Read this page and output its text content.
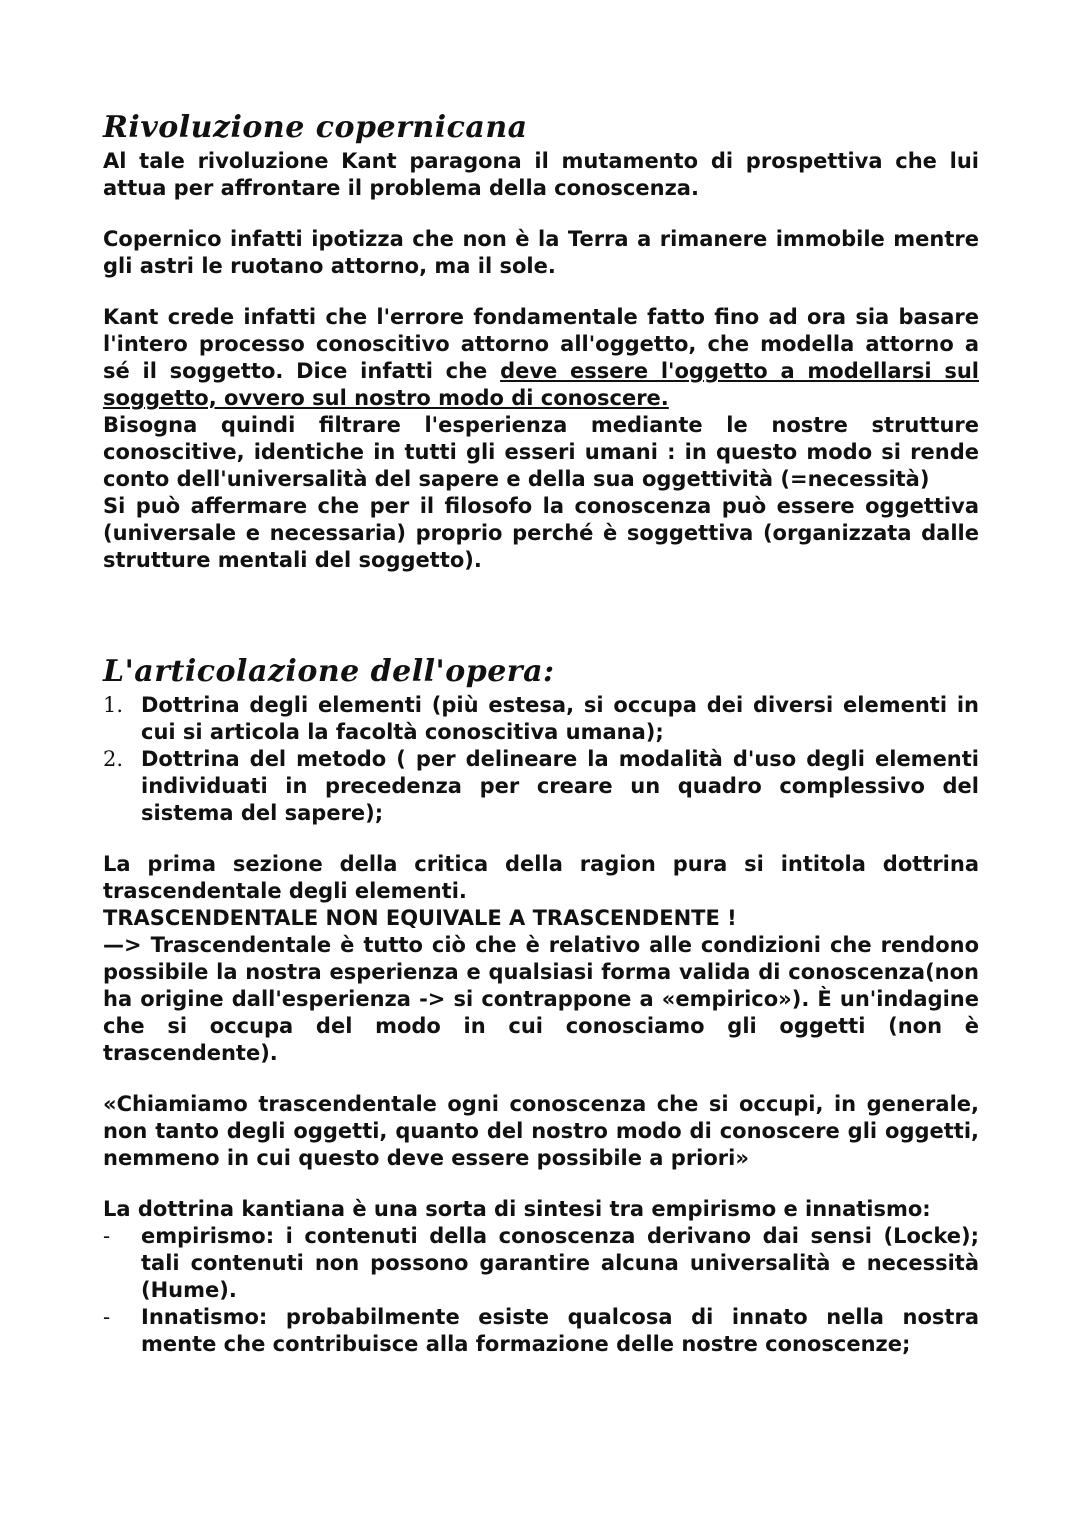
Rivoluzione copernicana

Al tale rivoluzione Kant paragona il mutamento di prospettiva che lui attua per affrontare il problema della conoscenza.

Copernico infatti ipotizza che non è la Terra a rimanere immobile mentre gli astri le ruotano attorno, ma il sole.

Kant crede infatti che l'errore fondamentale fatto fino ad ora sia basare l'intero processo conoscitivo attorno all'oggetto, che modella attorno a sé il soggetto. Dice infatti che deve essere l'oggetto a modellarsi sul soggetto, ovvero sul nostro modo di conoscere.

Bisogna quindi filtrare l'esperienza mediante le nostre strutture conoscitive, identiche in tutti gli esseri umani : in questo modo si rende conto dell'universalità del sapere e della sua oggettività (=necessità)

Si può affermare che per il filosofo la conoscenza può essere oggettiva (universale e necessaria) proprio perché è soggettiva (organizzata dalle strutture mentali del soggetto).

L'articolazione dell'opera:
1. Dottrina degli elementi (più estesa, si occupa dei diversi elementi in cui si articola la facoltà conoscitiva umana);
2. Dottrina del metodo ( per delineare la modalità d'uso degli elementi individuati in precedenza per creare un quadro complessivo del sistema del sapere);

La prima sezione della critica della ragion pura si intitola dottrina trascendentale degli elementi.

TRASCENDENTALE NON EQUIVALE A TRASCENDENTE !

—> Trascendentale è tutto ciò che è relativo alle condizioni che rendono possibile la nostra esperienza e qualsiasi forma valida di conoscenza(non ha origine dall'esperienza -> si contrappone a «empirico»). È un'indagine che si occupa del modo in cui conosciamo gli oggetti (non è trascendente).

«Chiamiamo trascendentale ogni conoscenza che si occupi, in generale, non tanto degli oggetti, quanto del nostro modo di conoscere gli oggetti, nemmeno in cui questo deve essere possibile a priori»

La dottrina kantiana è una sorta di sintesi tra empirismo e innatismo:

- empirismo: i contenuti della conoscenza derivano dai sensi (Locke); tali contenuti non possono garantire alcuna universalità e necessità (Hume).
- Innatismo: probabilmente esiste qualcosa di innato nella nostra mente che contribuisce alla formazione delle nostre conoscenze;
